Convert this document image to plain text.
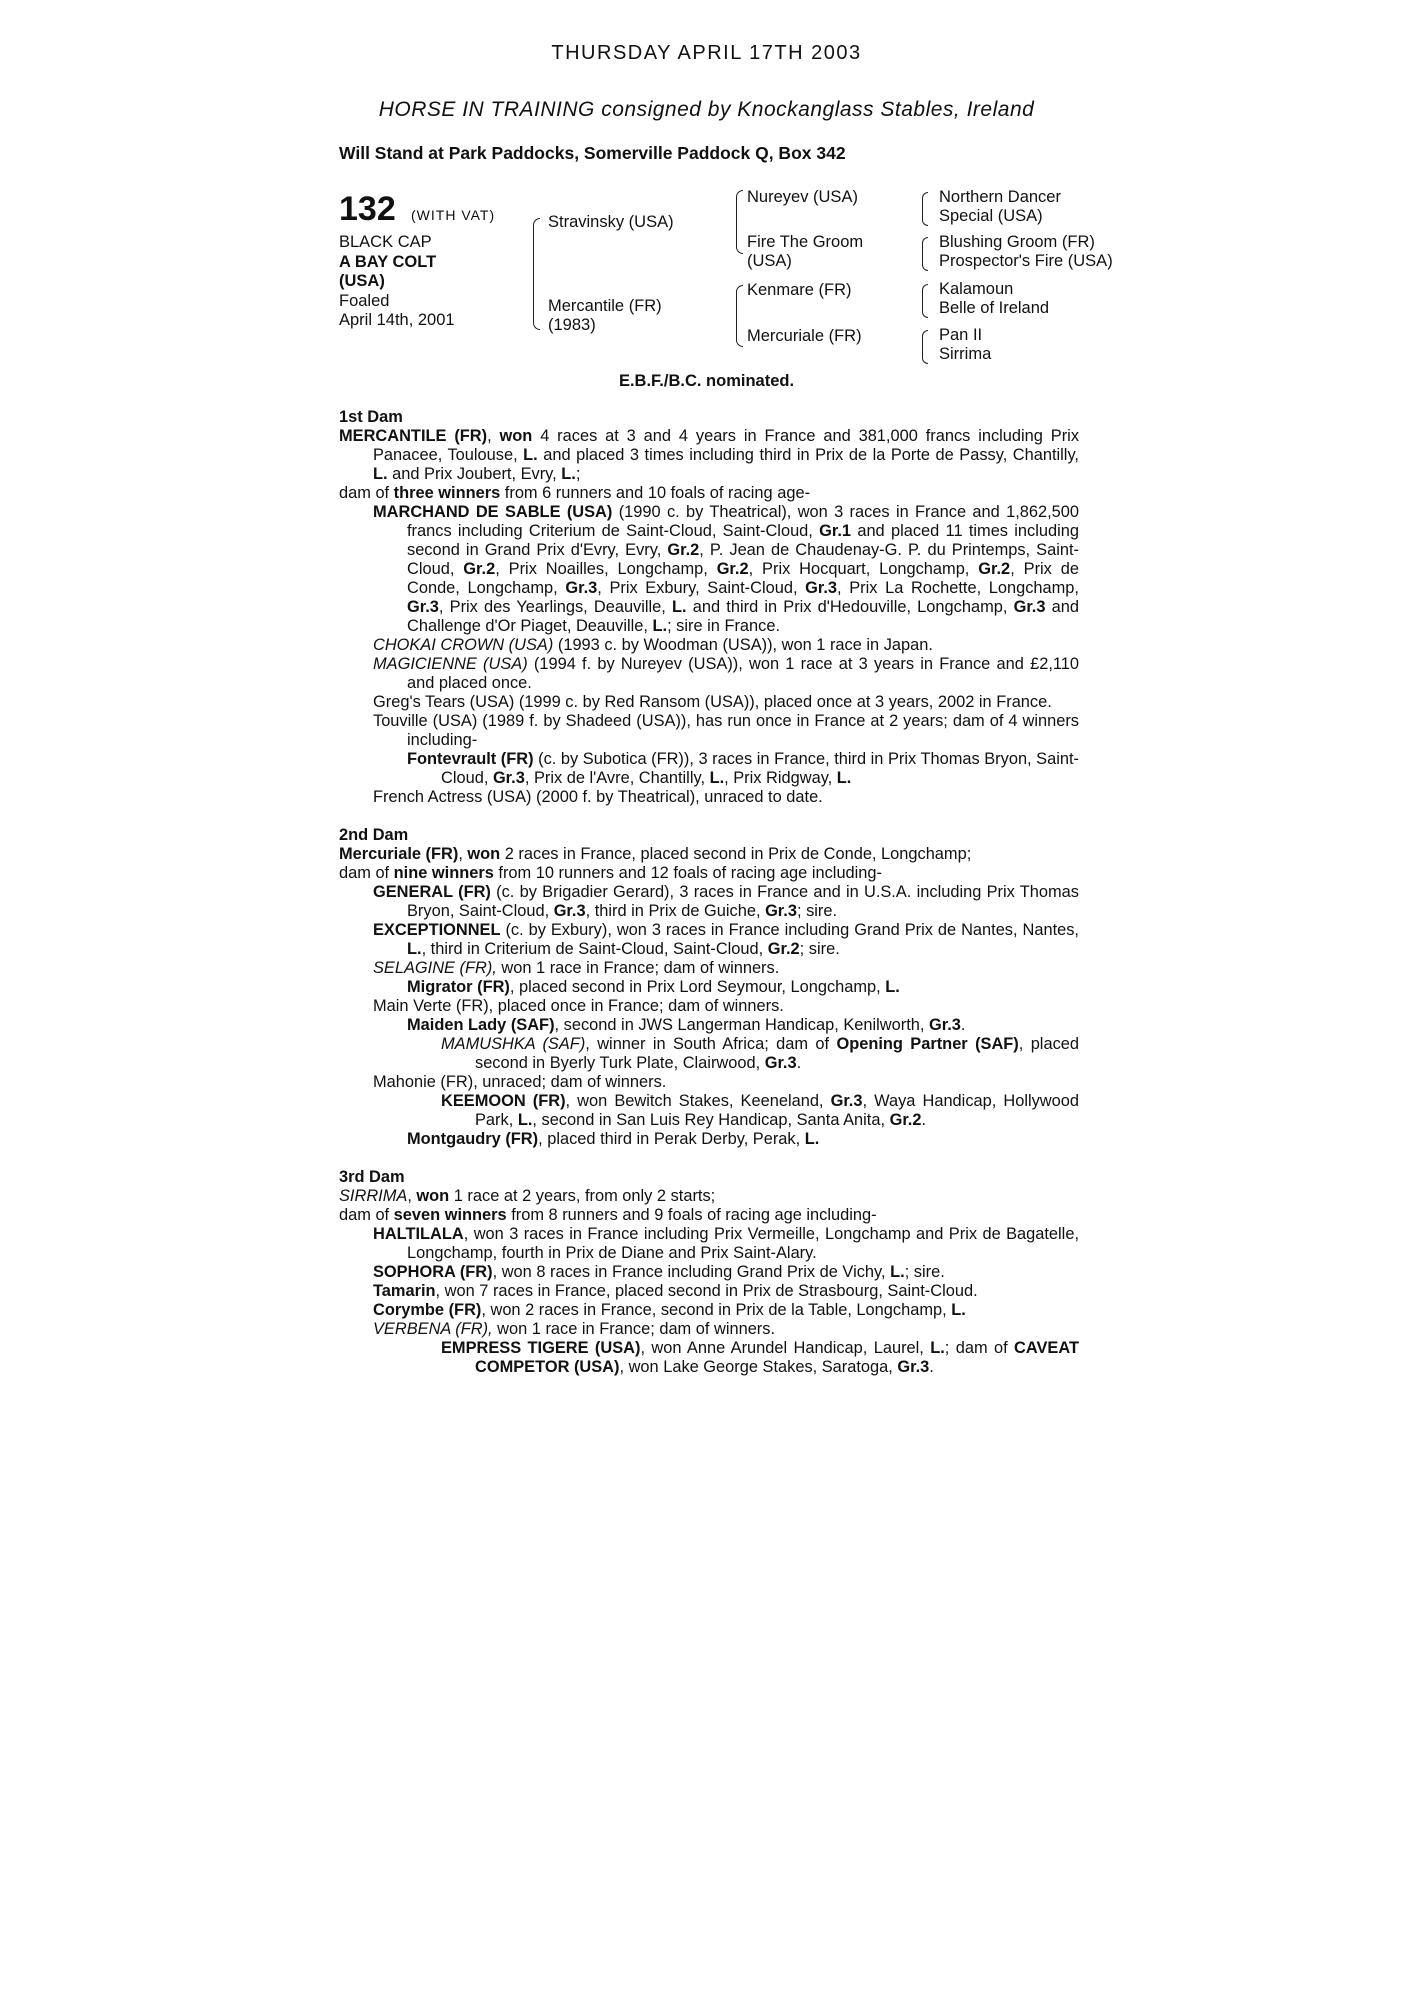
THURSDAY APRIL 17TH 2003
HORSE IN TRAINING consigned by Knockanglass Stables, Ireland
Will Stand at Park Paddocks, Somerville Paddock Q, Box 342
132 (WITH VAT)
BLACK CAP
A BAY COLT
(USA)
Foaled
April 14th, 2001
Stravinsky (USA)
Mercantile (FR)
(1983)
Nureyev (USA)
Fire The Groom
(USA)
Kenmare (FR)
Mercuriale (FR)
Northern Dancer
Special (USA)
Blushing Groom (FR)
Prospector's Fire (USA)
Kalamoun
Belle of Ireland
Pan II
Sirrima
E.B.F./B.C. nominated.

1st Dam

MERCANTILE (FR), won 4 races at 3 and 4 years in France and 381,000 francs including Prix Panacee, Toulouse, L. and placed 3 times including third in Prix de la Porte de Passy, Chantilly, L. and Prix Joubert, Evry, L.;

dam of three winners from 6 runners and 10 foals of racing age-

MARCHAND DE SABLE (USA) (1990 c. by Theatrical), won 3 races in France and 1,862,500 francs including Criterium de Saint-Cloud, Saint-Cloud, Gr.1 and placed 11 times including second in Grand Prix d'Evry, Evry, Gr.2, P. Jean de Chaudenay-G. P. du Printemps, Saint-Cloud, Gr.2, Prix Noailles, Longchamp, Gr.2, Prix Hocquart, Longchamp, Gr.2, Prix de Conde, Longchamp, Gr.3, Prix Exbury, Saint-Cloud, Gr.3, Prix La Rochette, Longchamp, Gr.3, Prix des Yearlings, Deauville, L. and third in Prix d'Hedouville, Longchamp, Gr.3 and Challenge d'Or Piaget, Deauville, L.; sire in France.

CHOKAI CROWN (USA) (1993 c. by Woodman (USA)), won 1 race in Japan.

MAGICIENNE (USA) (1994 f. by Nureyev (USA)), won 1 race at 3 years in France and £2,110 and placed once.

Greg's Tears (USA) (1999 c. by Red Ransom (USA)), placed once at 3 years, 2002 in France.

Touville (USA) (1989 f. by Shadeed (USA)), has run once in France at 2 years; dam of 4 winners including-

Fontevrault (FR) (c. by Subotica (FR)), 3 races in France, third in Prix Thomas Bryon, Saint-Cloud, Gr.3, Prix de l'Avre, Chantilly, L., Prix Ridgway, L.

French Actress (USA) (2000 f. by Theatrical), unraced to date.

2nd Dam

Mercuriale (FR), won 2 races in France, placed second in Prix de Conde, Longchamp;

dam of nine winners from 10 runners and 12 foals of racing age including-

GENERAL (FR) (c. by Brigadier Gerard), 3 races in France and in U.S.A. including Prix Thomas Bryon, Saint-Cloud, Gr.3, third in Prix de Guiche, Gr.3; sire.

EXCEPTIONNEL (c. by Exbury), won 3 races in France including Grand Prix de Nantes, Nantes, L., third in Criterium de Saint-Cloud, Saint-Cloud, Gr.2; sire.

SELAGINE (FR), won 1 race in France; dam of winners.

Migrator (FR), placed second in Prix Lord Seymour, Longchamp, L.

Main Verte (FR), placed once in France; dam of winners.

Maiden Lady (SAF), second in JWS Langerman Handicap, Kenilworth, Gr.3.

MAMUSHKA (SAF), winner in South Africa; dam of Opening Partner (SAF), placed second in Byerly Turk Plate, Clairwood, Gr.3.

Mahonie (FR), unraced; dam of winners.

KEEMOON (FR), won Bewitch Stakes, Keeneland, Gr.3, Waya Handicap, Hollywood Park, L., second in San Luis Rey Handicap, Santa Anita, Gr.2.

Montgaudry (FR), placed third in Perak Derby, Perak, L.

3rd Dam

SIRRIMA, won 1 race at 2 years, from only 2 starts;

dam of seven winners from 8 runners and 9 foals of racing age including-

HALTILALA, won 3 races in France including Prix Vermeille, Longchamp and Prix de Bagatelle, Longchamp, fourth in Prix de Diane and Prix Saint-Alary.

SOPHORA (FR), won 8 races in France including Grand Prix de Vichy, L.; sire.

Tamarin, won 7 races in France, placed second in Prix de Strasbourg, Saint-Cloud.

Corymbe (FR), won 2 races in France, second in Prix de la Table, Longchamp, L.

VERBENA (FR), won 1 race in France; dam of winners.

EMPRESS TIGERE (USA), won Anne Arundel Handicap, Laurel, L.; dam of CAVEAT COMPETOR (USA), won Lake George Stakes, Saratoga, Gr.3.
